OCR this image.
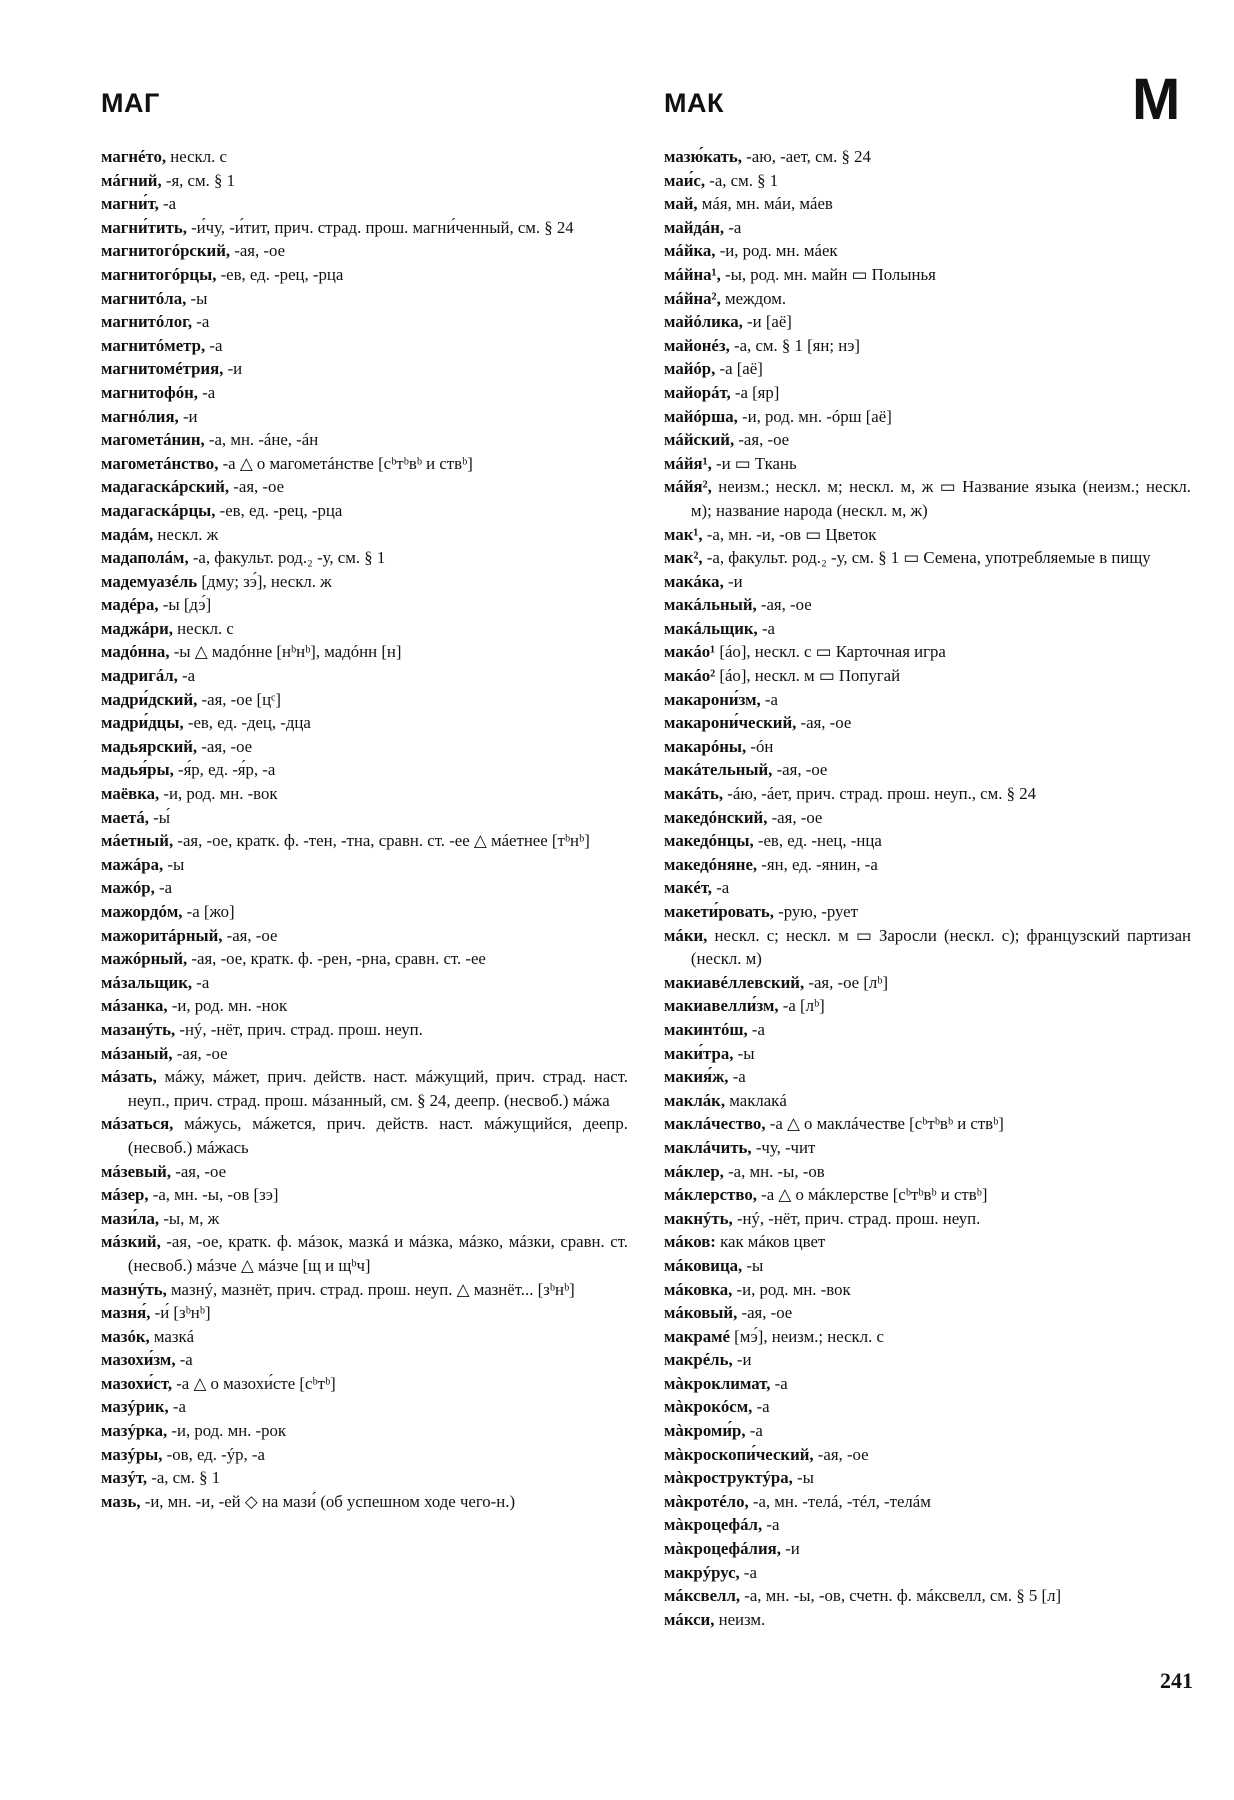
МАГ	МАК	М

магнéто, нескл. с

мáгний, -я, см. § 1

магни́т, -а

магни́тить, -и́чу, -и́тит, прич. страд. прош. магни́ченный, см. § 24

магнитогóрский, -ая, -ое

магнитогóрцы, -ев, ед. -рец, -рца

магнитóла, -ы

магнитóлог, -а

магнитóметр, -а

магнитомéтрия, -и

магнитофóн, -а

магнóлия, -и

магометáнин, -а, мн. -áне, -áн

магометáнство, -а △ о магометáнстве [сᵇтᵇвᵇ и ствᵇ]

мадагаскáрский, -ая, -ое

мадагаскáрцы, -ев, ед. -рец, -рца

мадáм, нескл. ж

мадаполáм, -а, факульт. род.₂ -у, см. § 1

мадемуазéль [дму; зэ́], нескл. ж

мадéра, -ы [дэ́]

маджáри, нескл. с

мадóнна, -ы △ мадóнне [нᵇнᵇ], мадóнн [н]

мадригáл, -а

мадри́дский, -ая, -ое [цᶜ]

мадри́дцы, -ев, ед. -дец, -дца

мадьярский, -ая, -ое

мадья́ры, -я́р, ед. -я́р, -а

маёвка, -и, род. мн. -вок

маетá, -ы́

мáетный, -ая, -ое, кратк. ф. -тен, -тна, сравн. ст. -ее △ мáетнее [тᵇнᵇ]

мажáра, -ы

мажóр, -а

мажордóм, -а [жо]

мажоритáрный, -ая, -ое

мажóрный, -ая, -ое, кратк. ф. -рен, -рна, сравн. ст. -ее

мáзальщик, -а

мáзанка, -и, род. мн. -нок

мазанýть, -нý, -нёт, прич. страд. прош. неуп.

мáзаный, -ая, -ое

мáзать, мáжу, мáжет, прич. действ. наст. мáжущий, прич. страд. наст. неуп., прич. страд. прош. мáзанный, см. § 24, деепр. (несвоб.) мáжа

мáзаться, мáжусь, мáжется, прич. действ. наст. мáжущийся, деепр. (несвоб.) мáжась

мáзевый, -ая, -ое

мáзер, -а, мн. -ы, -ов [зэ]

мази́ла, -ы, м, ж

мáзкий, -ая, -ое, кратк. ф. мáзок, мазкá и мáзка, мáзко, мáзки, сравн. ст. (несвоб.) мáзче △ мáзче [щ и щᵇч]

мазнýть, мазнý, мазнёт, прич. страд. прош. неуп. △ мазнёт... [зᵇнᵇ]

мазня́, -и́ [зᵇнᵇ]

мазóк, мазкá

мазохи́зм, -а

мазохи́ст, -а △ о мазохи́сте [сᵇтᵇ]

мазýрик, -а

мазýрка, -и, род. мн. -рок

мазýры, -ов, ед. -ýр, -а

мазýт, -а, см. § 1

мазь, -и, мн. -и, -ей ◇ на мази́ (об успешном ходе чего-н.)

мазю́кать, -аю, -ает, см. § 24

маи́с, -а, см. § 1

май, мáя, мн. мáи, мáев

майдáн, -а

мáйка, -и, род. мн. мáек

мáйна¹, -ы, род. мн. майн ▭ Полынья

мáйна², междом.

майóлика, -и [аё]

майонéз, -а, см. § 1 [ян; нэ]

майóр, -а [аё]

майорáт, -а [яр]

майóрша, -и, род. мн. -óрш [аё]

мáйский, -ая, -ое

мáйя¹, -и ▭ Ткань

мáйя², неизм.; нескл. м; нескл. м, ж ▭ Название языка (неизм.; нескл. м); название народа (нескл. м, ж)

мак¹, -а, мн. -и, -ов ▭ Цветок

мак², -а, факульт. род.₂ -у, см. § 1 ▭ Семена, употребляемые в пищу

макáка, -и

макáльный, -ая, -ое

макáльщик, -а

макáо¹ [áо], нескл. с ▭ Карточная игра

макáо² [áо], нескл. м ▭ Попугай

макарони́зм, -а

макарони́ческий, -ая, -ое

макарóны, -óн

макáтельный, -ая, -ое

макáть, -áю, -áет, прич. страд. прош. неуп., см. § 24

македóнский, -ая, -ое

македóнцы, -ев, ед. -нец, -нца

македóняне, -ян, ед. -янин, -а

макéт, -а

макети́ровать, -рую, -рует

мáки, нескл. с; нескл. м ▭ Заросли (нескл. с); французский партизан (нескл. м)

макиавéллевский, -ая, -ое [лᵇ]

макиавелли́зм, -а [лᵇ]

макинтóш, -а

маки́тра, -ы

макия́ж, -а

маклáк, маклакá

маклáчество, -а △ о маклáчестве [сᵇтᵇвᵇ и ствᵇ]

маклáчить, -чу, -чит

мáклер, -а, мн. -ы, -ов

мáклерство, -а △ о мáклерстве [сᵇтᵇвᵇ и ствᵇ]

макнýть, -нý, -нёт, прич. страд. прош. неуп.

мáков: как мáков цвет

мáковица, -ы

мáковка, -и, род. мн. -вок

мáковый, -ая, -ое

макрамé [мэ́], неизм.; нескл. с

макрéль, -и

мàкроклимат, -а

мàкрокóсм, -а

мàкроми́р, -а

мàкроскопи́ческий, -ая, -ое

мàкроструктýра, -ы

мàкротéло, -а, мн. -телá, -тéл, -телáм

мàкроцефáл, -а

мàкроцефáлия, -и

макрýрус, -а

мáксвелл, -а, мн. -ы, -ов, счетн. ф. мáксвелл, см. § 5 [л]

мáкси, неизм.

241
